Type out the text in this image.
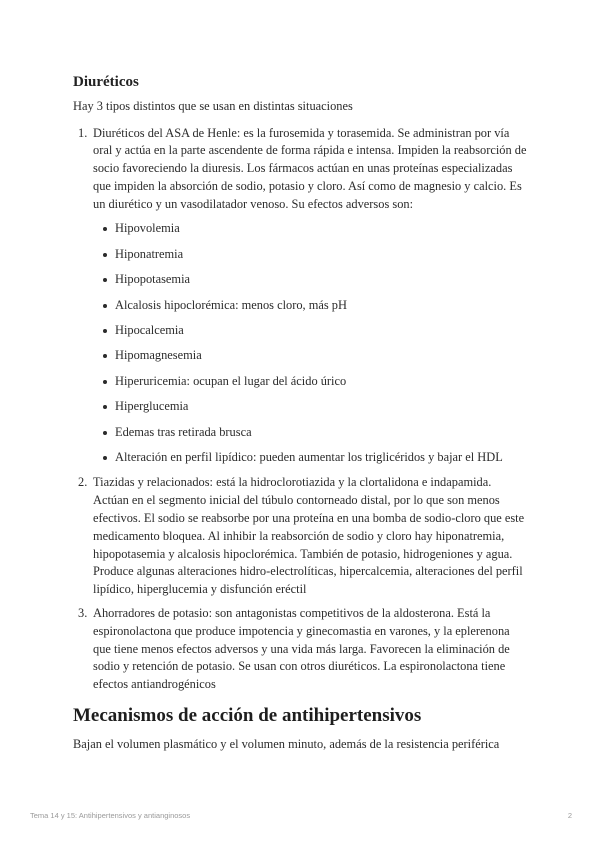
Diuréticos

Hay 3 tipos distintos que se usan en distintas situaciones

1. Diuréticos del ASA de Henle: es la furosemida y torasemida. Se administran por vía oral y actúa en la parte ascendente de forma rápida e intensa. Impiden la reabsorción de socio favoreciendo la diuresis. Los fármacos actúan en unas proteínas especializadas que impiden la absorción de sodio, potasio y cloro. Así como de magnesio y calcio. Es un diurético y un vasodilatador venoso. Su efectos adversos son:
Hipovolemia
Hiponatremia
Hipopotasemia
Alcalosis hipoclorémica: menos cloro, más pH
Hipocalcemia
Hipomagnesemia
Hiperuricemia: ocupan el lugar del ácido úrico
Hiperglucemia
Edemas tras retirada brusca
Alteración en perfil lipídico: pueden aumentar los triglicéridos y bajar el HDL
2. Tiazidas y relacionados: está la hidroclorotiazida y la clortalidona e indapamida. Actúan en el segmento inicial del túbulo contorneado distal, por lo que son menos efectivos. El sodio se reabsorbe por una proteína en una bomba de sodio-cloro que este medicamento bloquea. Al inhibir la reabsorción de sodio y cloro hay hiponatremia, hipopotasemia y alcalosis hipoclorémica. También de potasio, hidrogeniones y agua. Produce algunas alteraciones hidro-electrolíticas, hipercalcemia, alteraciones del perfil lipídico, hiperglucemia y disfunción eréctil
3. Ahorradores de potasio: son antagonistas competitivos de la aldosterona. Está la espironolactona que produce impotencia y ginecomastia en varones, y la eplerenona que tiene menos efectos adversos y una vida más larga. Favorecen la eliminación de sodio y retención de potasio. Se usan con otros diuréticos. La espironolactona tiene efectos antiandrogénicos
Mecanismos de acción de antihipertensivos

Bajan el volumen plasmático y el volumen minuto, además de la resistencia periférica

Tema 14 y 15: Antihipertensivos y antianginosos	2
